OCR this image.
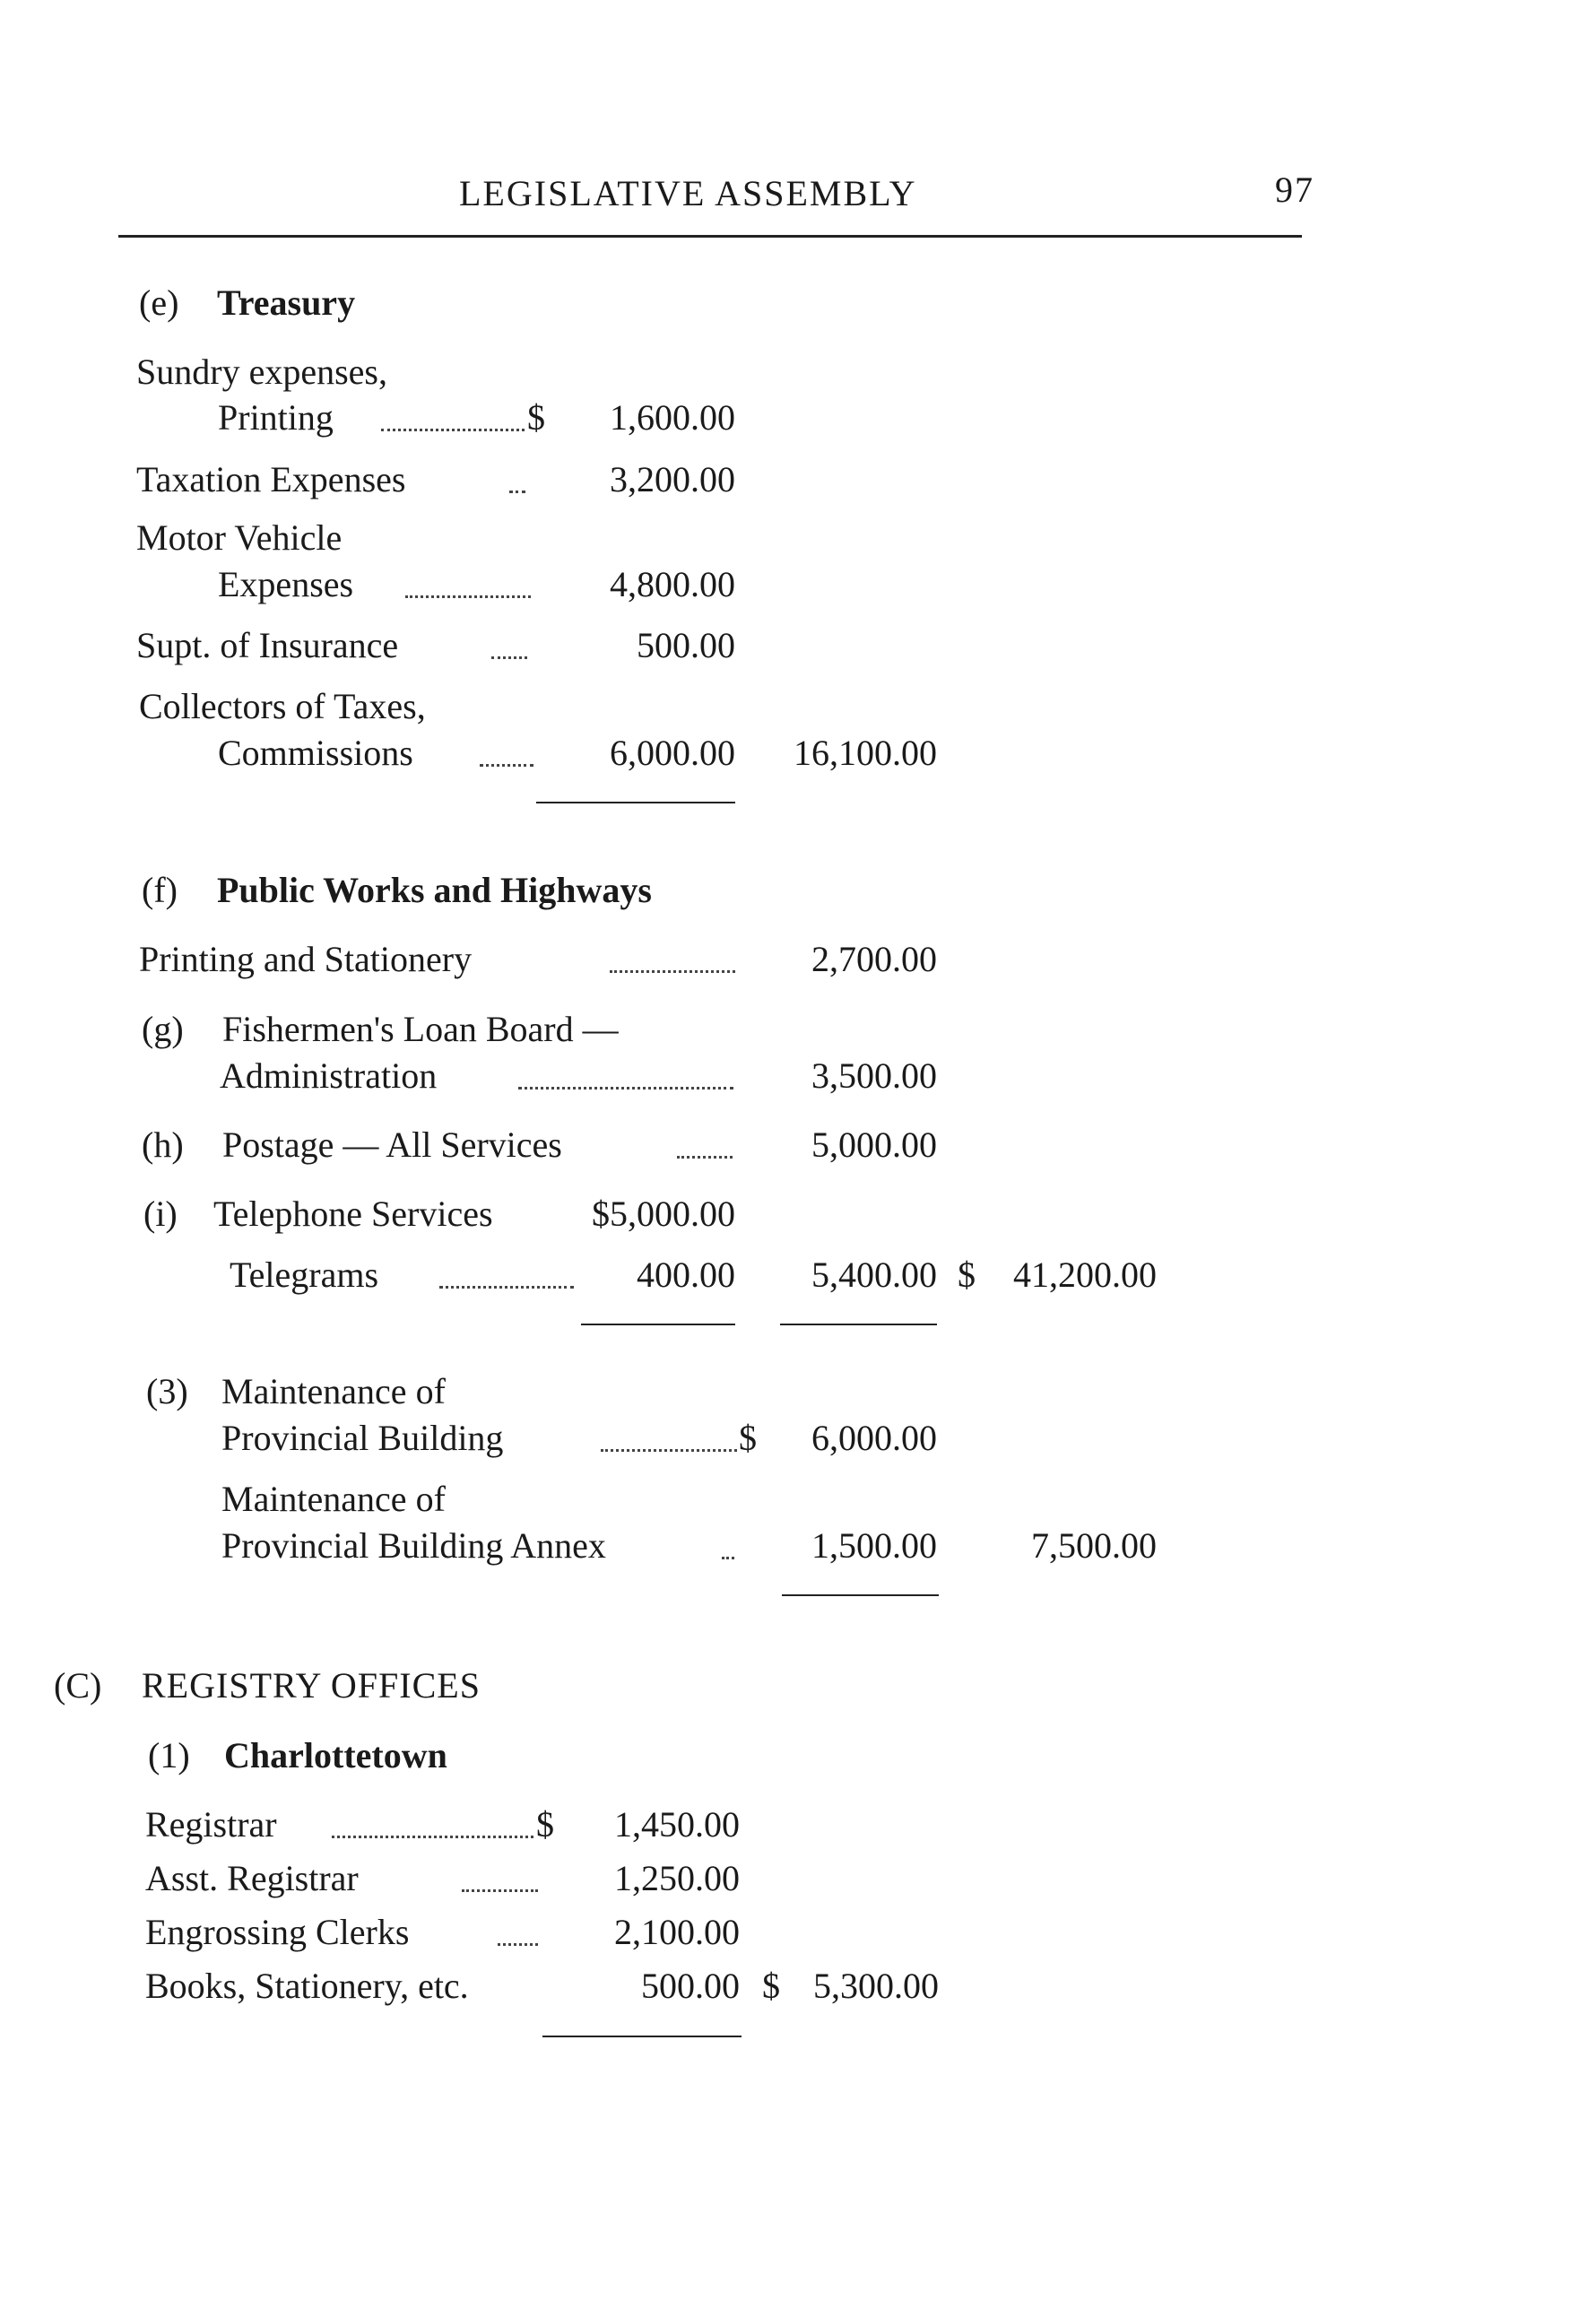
LEGISLATIVE ASSEMBLY	97
(e) Treasury
Sundry expenses,
Printing	$	1,600.00
Taxation Expenses	3,200.00
Motor Vehicle
Expenses	4,800.00
Supt. of Insurance	500.00
Collectors of Taxes,
Commissions	6,000.00	16,100.00
(f) Public Works and Highways
Printing and Stationery	2,700.00
(g) Fishermen's Loan Board —
Administration	3,500.00
(h) Postage — All Services	5,000.00
(i) Telephone Services	$5,000.00
Telegrams	400.00	5,400.00 $	41,200.00
(3) Maintenance of
Provincial Building	$	6,000.00
Maintenance of
Provincial Building Annex	1,500.00	7,500.00
(C) REGISTRY OFFICES
(1) Charlottetown
Registrar	$	1,450.00
Asst. Registrar	1,250.00
Engrossing Clerks	2,100.00
Books, Stationery, etc.	500.00 $ 5,300.00
